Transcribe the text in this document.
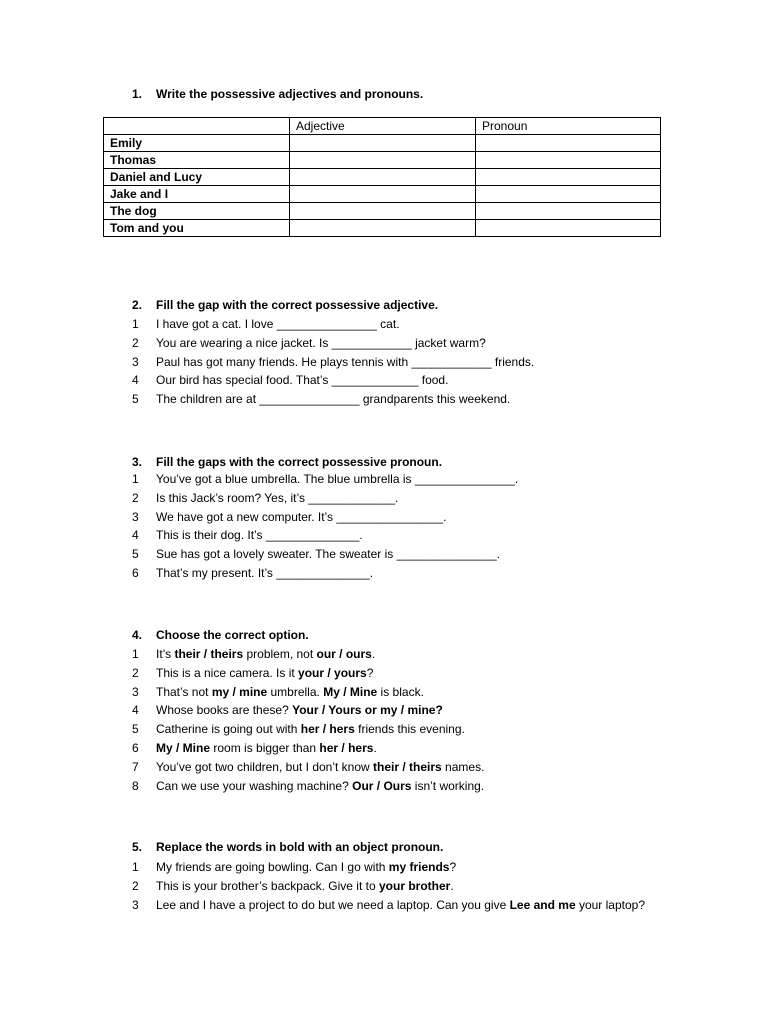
1. Write the possessive adjectives and pronouns.
	Adjective	Pronoun
Emily		
Thomas		
Daniel and Lucy		
Jake and I		
The dog		
Tom and you		
2. Fill the gap with the correct possessive adjective.
1 I have got a cat. I love _______________ cat.
2 You are wearing a nice jacket. Is ____________ jacket warm?
3 Paul has got many friends. He plays tennis with ____________ friends.
4 Our bird has special food. That’s _____________ food.
5 The children are at _______________ grandparents this weekend.
3. Fill the gaps with the correct possessive pronoun.
1 You’ve got a blue umbrella. The blue umbrella is _______________.
2 Is this Jack’s room? Yes, it’s _____________.
3 We have got a new computer. It’s ________________.
4 This is their dog. It’s ______________.
5 Sue has got a lovely sweater. The sweater is _______________.
6 That’s my present. It’s ______________.
4. Choose the correct option.
1 It’s their / theirs problem, not our / ours.
2 This is a nice camera. Is it your / yours?
3 That’s not my / mine umbrella. My / Mine is black.
4 Whose books are these? Your / Yours or my / mine?
5 Catherine is going out with her / hers friends this evening.
6 My / Mine room is bigger than her / hers.
7 You’ve got two children, but I don’t know their / theirs names.
8 Can we use your washing machine? Our / Ours isn’t working.
5. Replace the words in bold with an object pronoun.
1 My friends are going bowling. Can I go with my friends?
2 This is your brother’s backpack. Give it to your brother.
3 Lee and I have a project to do but we need a laptop. Can you give Lee and me your laptop?
